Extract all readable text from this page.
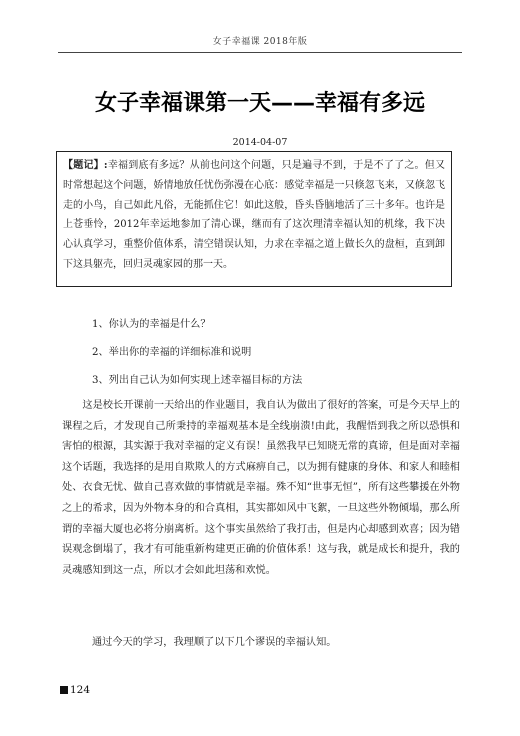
女子幸福课 2018年版
女子幸福课第一天——幸福有多远
2014-04-07
【题记】:幸福到底有多远？从前也问这个问题，只是遍寻不到，于是不了了之。但又时常想起这个问题，娇情地放任忧伤弥漫在心底：感觉幸福是一只倏忽飞来，又倏忽飞走的小鸟，自己如此凡俗，无能抓住它！如此这般，昏头昏脑地活了三十多年。也许是上苍垂怜，2012年幸运地参加了清心课，继而有了这次理清幸福认知的机缘，我下决心认真学习，重整价值体系，清空错误认知，力求在幸福之道上做长久的盘桓，直到卸下这具躯壳，回归灵魂家园的那一天。
1、你认为的幸福是什么？
2、举出你的幸福的详细标准和说明
3、列出自己认为如何实现上述幸福目标的方法

这是校长开课前一天给出的作业题目，我自认为做出了很好的答案，可是今天早上的课程之后，才发现自己所秉持的幸福观基本是全线崩溃!由此，我醒悟到我之所以恐惧和害怕的根源，其实源于我对幸福的定义有误！虽然我早已知晓无常的真谛，但是面对幸福这个话题，我选择的是用自欺欺人的方式麻痹自己，以为拥有健康的身体、和家人和睦相处、衣食无忧、做自己喜欢做的事情就是幸福。殊不知“世事无恒”，所有这些攀援在外物之上的希求，因为外物本身的和合真相，其实都如风中飞絮，一旦这些外物倾塌，那么所谓的幸福大厦也必将分崩离析。这个事实虽然给了我打击，但是内心却感到欢喜；因为错误观念倒塌了，我才有可能重新构建更正确的价值体系！这与我，就是成长和提升，我的灵魂感知到这一点，所以才会如此坦荡和欢悦。

通过今天的学习，我理顺了以下几个谬误的幸福认知。

124
